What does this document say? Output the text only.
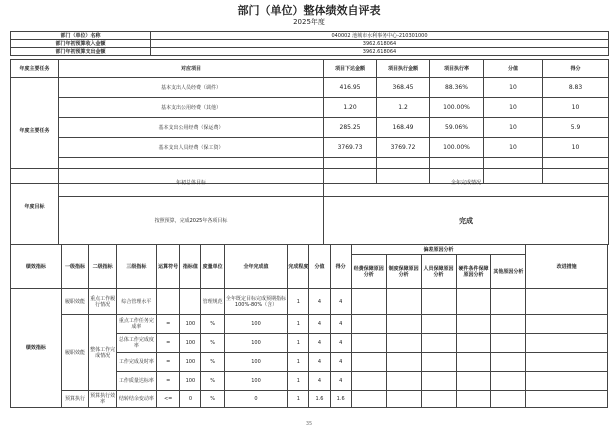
部门（单位）整体绩效自评表
2025年度
部门（单位）名称	040002 池城市水利事务中心-210301000
部门年初预算收入金额	3962.618064
部门年初预算支出金额	3962.618064
年度主要任务	对应项目	项目下达金额	项目执行金额	项目执行率	分值	得分
年度主要任务	基本支出人员经费（调件）	416.95	368.45	88.36%	10	8.83
	基本支出公用经费（其他）	1.20	1.2	100.00%	10	10
	基本支出公用经费（保运费）	285.25	168.49	59.06%	10	5.9
	基本支出人员经费（保工资）	3769.73	3769.72	100.00%	10	10

年度目标	年初总体目标	全年完成情况
	按照预算，完成2025年各项目标	完成
绩效指标	一级指标	二级指标	三级指标	运算符号	指标值	度量单位	全年完成值	完成程度	分值	得分	偏差原因分析					改进措施
											经费保障原因分析	制度保障原因分析	人员保障原因分析	硬件条件保障原因分析	其他原因分析	
绩效指标	履职效能	重点工作履行情况	综合管理水平			管理规范	全年既定目标完成预期指标 100%-80%（含）	1	4	4						
	履职效能	整体工作完成情况	重点工作任务完成率	=	100	%	100	1	4	4						
			总体工作完成度率	=	100	%	100	1	4	4						
			工作完成及时率	=	100	%	100	1	4	4						
			工作质量达标率	=	100	%	100	1	4	4						
	预算执行	预算执行效率	结转结余变动率	<=	0	%	0	1	1.6	1.6						
35
